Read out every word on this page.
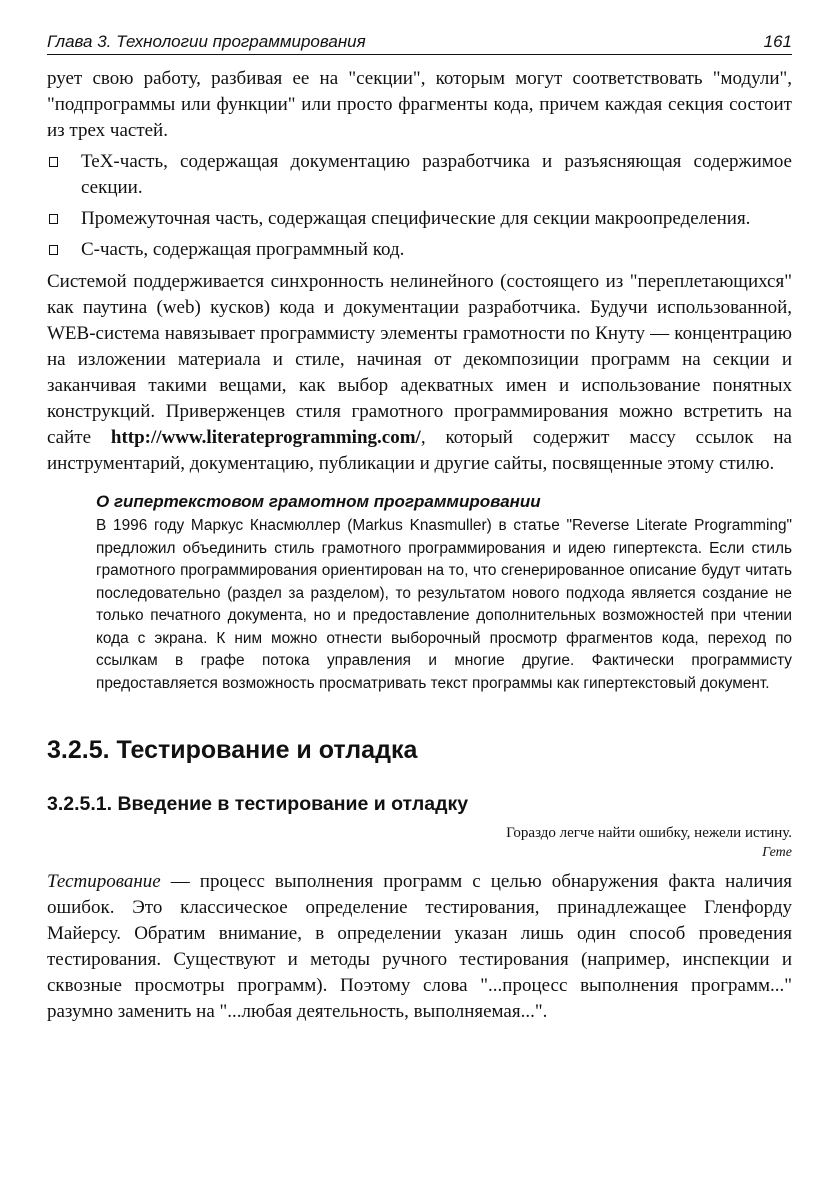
Глава 3. Технологии программирования	161

рует свою работу, разбивая ее на "секции", которым могут соответствовать "модули", "подпрограммы или функции" или просто фрагменты кода, причем каждая секция состоит из трех частей.

TeX-часть, содержащая документацию разработчика и разъясняющая содержимое секции.
Промежуточная часть, содержащая специфические для секции макроопределения.
С-часть, содержащая программный код.

Системой поддерживается синхронность нелинейного (состоящего из "переплетающихся" как паутина (web) кусков) кода и документации разработчика. Будучи использованной, WEB-система навязывает программисту элементы грамотности по Кнуту — концентрацию на изложении материала и стиле, начиная от декомпозиции программ на секции и заканчивая такими вещами, как выбор адекватных имен и использование понятных конструкций. Приверженцев стиля грамотного программирования можно встретить на сайте http://www.literateprogramming.com/, который содержит массу ссылок на инструментарий, документацию, публикации и другие сайты, посвященные этому стилю.

О гипертекстовом грамотном программировании

В 1996 году Маркус Кнасмюллер (Markus Knasmuller) в статье "Reverse Literate Programming" предложил объединить стиль грамотного программирования и идею гипертекста. Если стиль грамотного программирования ориентирован на то, что сгенерированное описание будут читать последовательно (раздел за разделом), то результатом нового подхода является создание не только печатного документа, но и предоставление дополнительных возможностей при чтении кода с экрана. К ним можно отнести выборочный просмотр фрагментов кода, переход по ссылкам в графе потока управления и многие другие. Фактически программисту предоставляется возможность просматривать текст программы как гипертекстовый документ.

3.2.5. Тестирование и отладка
3.2.5.1. Введение в тестирование и отладку
Гораздо легче найти ошибку, нежели истину.
Гете

Тестирование — процесс выполнения программ с целью обнаружения факта наличия ошибок. Это классическое определение тестирования, принадлежащее Гленфорду Майерсу. Обратим внимание, в определении указан лишь один способ проведения тестирования. Существуют и методы ручного тестирования (например, инспекции и сквозные просмотры программ). Поэтому слова "...процесс выполнения программ..." разумно заменить на "...любая деятельность, выполняемая...".
